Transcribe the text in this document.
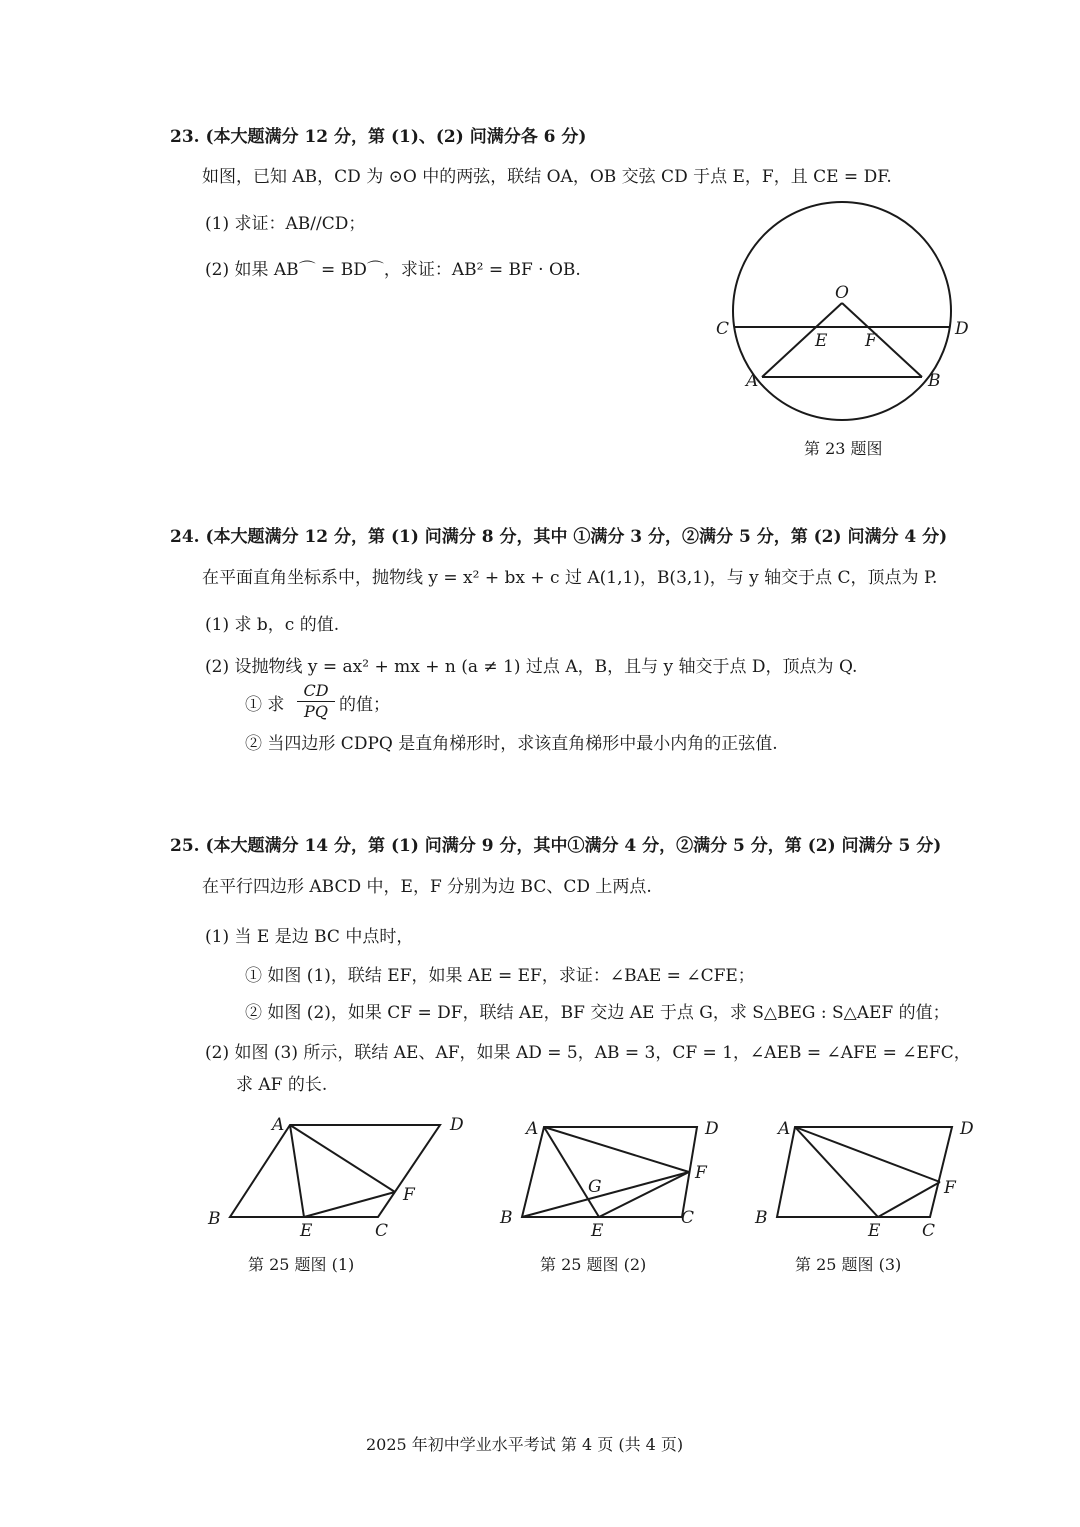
23. (本大题满分 12 分，第 (1)、(2) 问满分各 6 分)
如图，已知 AB，CD 为 ⊙O 中的两弦，联结 OA，OB 交弦 CD 于点 E，F，且 CE = DF.
(1) 求证：AB//CD；
(2) 如果 AB⌒ = BD⌒，求证：AB² = BF · OB.
O
C	D
E F
A	B
第 23 题图
24. (本大题满分 12 分，第 (1) 问满分 8 分，其中 ①满分 3 分，②满分 5 分，第 (2) 问满分 4 分)
在平面直角坐标系中，抛物线 y = x² + bx + c 过 A(1,1)，B(3,1)，与 y 轴交于点 C，顶点为 P.
(1) 求 b，c 的值.
(2) 设抛物线 y = ax² + mx + n (a ≠ 1) 过点 A，B，且与 y 轴交于点 D，顶点为 Q.
① 求 $\frac{CD}{PQ}$ 的值；
② 当四边形 CDPQ 是直角梯形时，求该直角梯形中最小内角的正弦值.
25. (本大题满分 14 分，第 (1) 问满分 9 分，其中①满分 4 分，②满分 5 分，第 (2) 问满分 5 分)
在平行四边形 ABCD 中，E，F 分别为边 BC、CD 上两点.
(1) 当 E 是边 BC 中点时，
① 如图 (1)，联结 EF，如果 AE = EF，求证：∠BAE = ∠CFE；
② 如图 (2)，如果 CF = DF，联结 AE，BF 交边 AE 于点 G，求 S△BEG : S△AEF 的值；
(2) 如图 (3) 所示，联结 AE、AF，如果 AD = 5，AB = 3，CF = 1，∠AEB = ∠AFE = ∠EFC，
求 AF 的长.
A	D
B
E	C
F
第 25 题图 (1)
A	D
B
E
C
F
G
第 25 题图 (2)
A	D
B
E C
F
第 25 题图 (3)
2025 年初中学业水平考试 第 4 页 (共 4 页)
